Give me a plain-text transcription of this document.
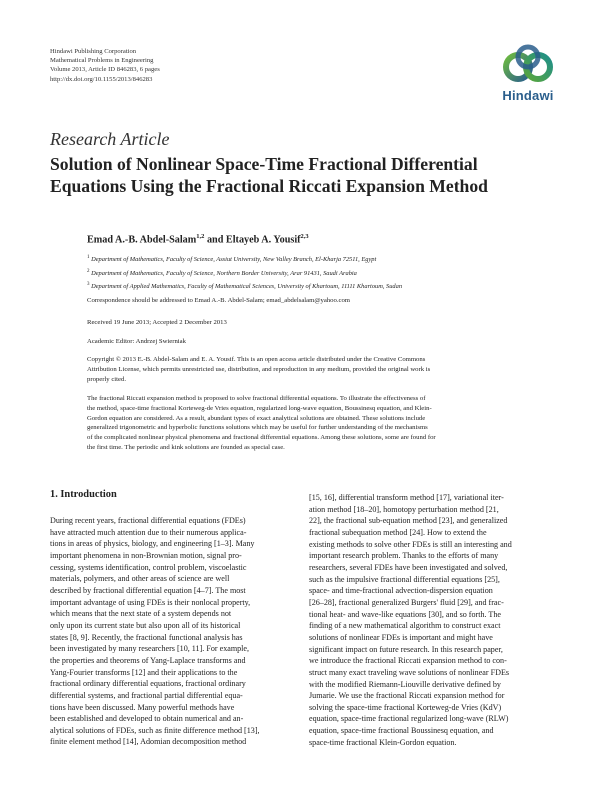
Hindawi Publishing Corporation
Mathematical Problems in Engineering
Volume 2013, Article ID 846283, 6 pages
http://dx.doi.org/10.1155/2013/846283
Hindawi
Research Article
Solution of Nonlinear Space-Time Fractional Differential
Equations Using the Fractional Riccati Expansion Method
Emad A.-B. Abdel-Salam$^{1,2}$ and Eltayeb A. Yousif$^{2,3}$
$^1$ Department of Mathematics, Faculty of Science, Assiut University, New Valley Branch, El-Kharja 72511, Egypt
$^2$ Department of Mathematics, Faculty of Science, Northern Border University, Arar 91431, Saudi Arabia
$^3$ Department of Applied Mathematics, Faculty of Mathematical Sciences, University of Khartoum, 11111 Khartoum, Sudan
Correspondence should be addressed to Emad A.-B. Abdel-Salam; emad_abdelsalam@yahoo.com
Received 19 June 2013; Accepted 2 December 2013
Academic Editor: Andrzej Swierniak
Copyright © 2013 E.-B. Abdel-Salam and E. A. Yousif. This is an open access article distributed under the Creative Commons
Attribution License, which permits unrestricted use, distribution, and reproduction in any medium, provided the original work is
properly cited.
The fractional Riccati expansion method is proposed to solve fractional differential equations. To illustrate the effectiveness of
the method, space-time fractional Korteweg-de Vries equation, regularized long-wave equation, Boussinesq equation, and Klein-
Gordon equation are considered. As a result, abundant types of exact analytical solutions are obtained. These solutions include
generalized trigonometric and hyperbolic functions solutions which may be useful for further understanding of the mechanisms
of the complicated nonlinear physical phenomena and fractional differential equations. Among these solutions, some are found for
the first time. The periodic and kink solutions are founded as special case.
1. Introduction
During recent years, fractional differential equations (FDEs)
have attracted much attention due to their numerous applica-
tions in areas of physics, biology, and engineering [1–3]. Many
important phenomena in non-Brownian motion, signal pro-
cessing, systems identification, control problem, viscoelastic
materials, polymers, and other areas of science are well
described by fractional differential equation [4–7]. The most
important advantage of using FDEs is their nonlocal property,
which means that the next state of a system depends not
only upon its current state but also upon all of its historical
states [8, 9]. Recently, the fractional functional analysis has
been investigated by many researchers [10, 11]. For example,
the properties and theorems of Yang-Laplace transforms and
Yang-Fourier transforms [12] and their applications to the
fractional ordinary differential equations, fractional ordinary
differential systems, and fractional partial differential equa-
tions have been discussed. Many powerful methods have
been established and developed to obtain numerical and an-
alytical solutions of FDEs, such as finite difference method [13],
finite element method [14], Adomian decomposition method
[15, 16], differential transform method [17], variational iter-
ation method [18–20], homotopy perturbation method [21,
22], the fractional sub-equation method [23], and generalized
fractional subequation method [24]. How to extend the
existing methods to solve other FDEs is still an interesting and
important research problem. Thanks to the efforts of many
researchers, several FDEs have been investigated and solved,
such as the impulsive fractional differential equations [25],
space- and time-fractional advection-dispersion equation
[26–28], fractional generalized Burgers' fluid [29], and frac-
tional heat- and wave-like equations [30], and so forth. The
finding of a new mathematical algorithm to construct exact
solutions of nonlinear FDEs is important and might have
significant impact on future research. In this research paper,
we introduce the fractional Riccati expansion method to con-
struct many exact traveling wave solutions of nonlinear FDEs
with the modified Riemann-Liouville derivative defined by
Jumarie. We use the fractional Riccati expansion method for
solving the space-time fractional Korteweg-de Vries (KdV)
equation, space-time fractional regularized long-wave (RLW)
equation, space-time fractional Boussinesq equation, and
space-time fractional Klein-Gordon equation.
